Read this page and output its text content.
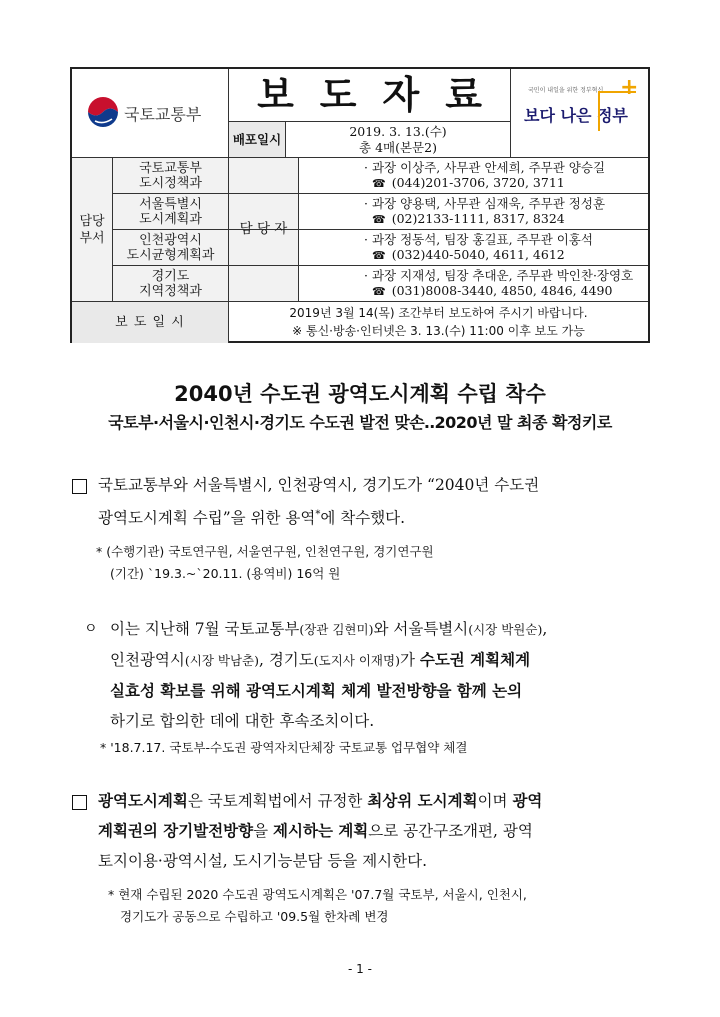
국토교통부	보도자료
배포일시
2019. 3. 13.(수)
총 4매(본문2)
국민이 내일을 위한 정부혁신
보다 나은 정부
+
담당 부서
국토교통부
도시정책과
서울특별시
도시계획과
인천광역시
도시균형계획과
경기도
지역정책과
담 당 자
· 과장 이상주, 사무관 안세희, 주무관 양승길
☎ (044)201-3706, 3720, 3711
· 과장 양용택, 사무관 심재욱, 주무관 정성훈
☎ (02)2133-1111, 8317, 8324
· 과장 정동석, 팀장 홍길표, 주무관 이홍석
☎ (032)440-5040, 4611, 4612
· 과장 지재성, 팀장 추대운, 주무관 박인찬·장영호
☎ (031)8008-3440, 4850, 4846, 4490
보 도 일 시
2019년 3월 14(목) 조간부터 보도하여 주시기 바랍니다.
※ 통신·방송·인터넷은 3. 13.(수) 11:00 이후 보도 가능
2040년 수도권 광역도시계획 수립 착수
국토부·서울시·인천시·경기도 수도권 발전 맞손‥2020년 말 최종 확정키로
국토교통부와 서울특별시, 인천광역시, 경기도가 “2040년 수도권
광역도시계획 수립”을 위한 용역*에 착수했다.
* (수행기관) 국토연구원, 서울연구원, 인천연구원, 경기연구원
(기간) `19.3.~`20.11. (용역비) 16억 원
ㅇ 이는 지난해 7월 국토교통부(장관 김현미)와 서울특별시(시장 박원순),
인천광역시(시장 박남춘), 경기도(도지사 이재명)가 수도권 계획체계
실효성 확보를 위해 광역도시계획 체계 발전방향을 함께 논의
하기로 합의한 데에 대한 후속조치이다.
* '18.7.17. 국토부-수도권 광역자치단체장 국토교통 업무협약 체결
광역도시계획은 국토계획법에서 규정한 최상위 도시계획이며 광역
계획권의 장기발전방향을 제시하는 계획으로 공간구조개편, 광역
토지이용·광역시설, 도시기능분담 등을 제시한다.
* 현재 수립된 2020 수도권 광역도시계획은 '07.7월 국토부, 서울시, 인천시,
경기도가 공동으로 수립하고 '09.5월 한차례 변경
- 1 -
